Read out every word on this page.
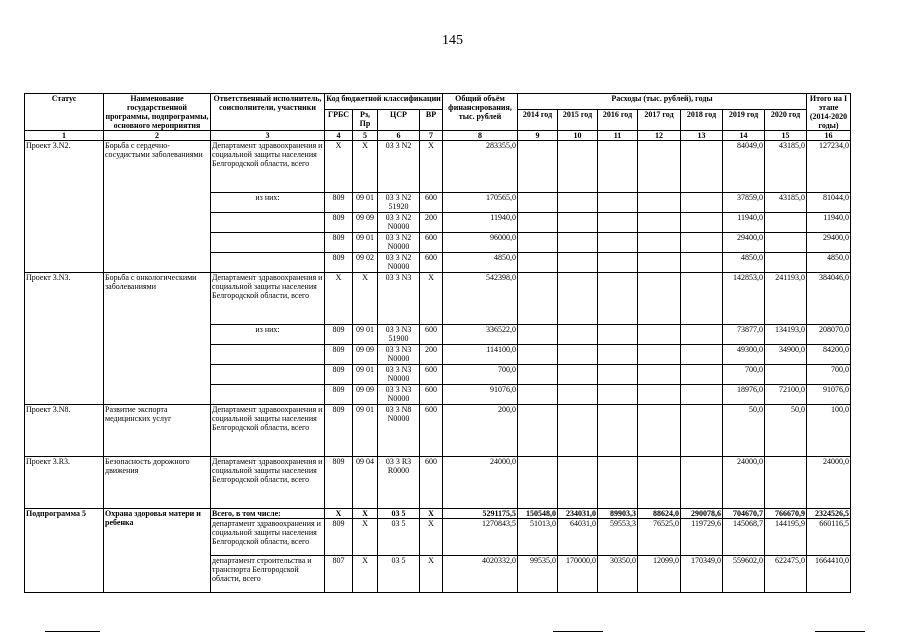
145
Статус	Наименование государственной программы, подпрограммы, основного мероприятия	Ответственный исполнитель, соисполнители, участники	Код бюджетной классификации				Общий объём финансирования, тыс. рублей	Расходы (тыс. рублей), годы							Итого на I этапе (2014-2020 годы)
			ГРБС	Рз, Пр	ЦСР	ВР		2014 год	2015 год	2016 год	2017 год	2018 год	2019 год	2020 год	
1	2	3	4	5	6	7	8	9	10	11	12	13	14	15	16
Проект 3.N2.	Борьба с сердечно-сосудистыми заболеваниями	Департамент здравоохранения и социальной защиты населения Белгородской области, всего	Х	Х	03 3 N2	Х	283355,0						84049,0	43185,0	127234,0
		из них:	809	09 01	03 3 N2 51920	600	170565,0						37859,0	43185,0	81044,0
			809	09 09	03 3 N2 N0000	200	11940,0						11940,0		11940,0
			809	09 01	03 3 N2 N0000	600	96000,0						29400,0		29400,0
			809	09 02	03 3 N2 N0000	600	4850,0						4850,0		4850,0
Проект 3.N3.	Борьба с онкологическими заболеваниями	Департамент здравоохранения и социальной защиты населения Белгородской области, всего	Х	Х	03 3 N3	Х	542398,0						142853,0	241193,0	384046,0
		из них:	809	09 01	03 3 N3 51900	600	336522,0						73877,0	134193,0	208070,0
			809	09 09	03 3 N3 N0000	200	114100,0						49300,0	34900,0	84200,0
			809	09 01	03 3 N3 N0000	600	700,0						700,0		700,0
			809	09 09	03 3 N3 N0000	600	91076,0						18976,0	72100,0	91076,0
Проект 3.N8.	Развитие экспорта медицинских услуг	Департамент здравоохранения и социальной защиты населения Белгородской области, всего	809	09 01	03 3 N8 N0000	600	200,0						50,0	50,0	100,0
Проект 3.R3.	Безопасность дорожного движения	Департамент здравоохранения и социальной защиты населения Белгородской области, всего	809	09 04	03 3 R3 R0000	600	24000,0						24000,0		24000,0
Подпрограмма 5	Охрана здоровья матери и ребенка	Всего, в том числе:	Х	Х	03 5	Х	5291175,5	150548,0	234031,0	89903,3	88624,0	290078,6	704670,7	766670,9	2324526,5
		департамент здравоохранения и социальной защиты населения Белгородской области, всего	809	Х	03 5	Х	1270843,5	51013,0	64031,0	59553,3	76525,0	119729,6	145068,7	144195,9	660116,5
		департамент строительства и транспорта Белгородской области, всего	807	Х	03 5	Х	4020332,0	99535,0	170000,0	30350,0	12099,0	170349,0	559602,0	622475,0	1664410,0
